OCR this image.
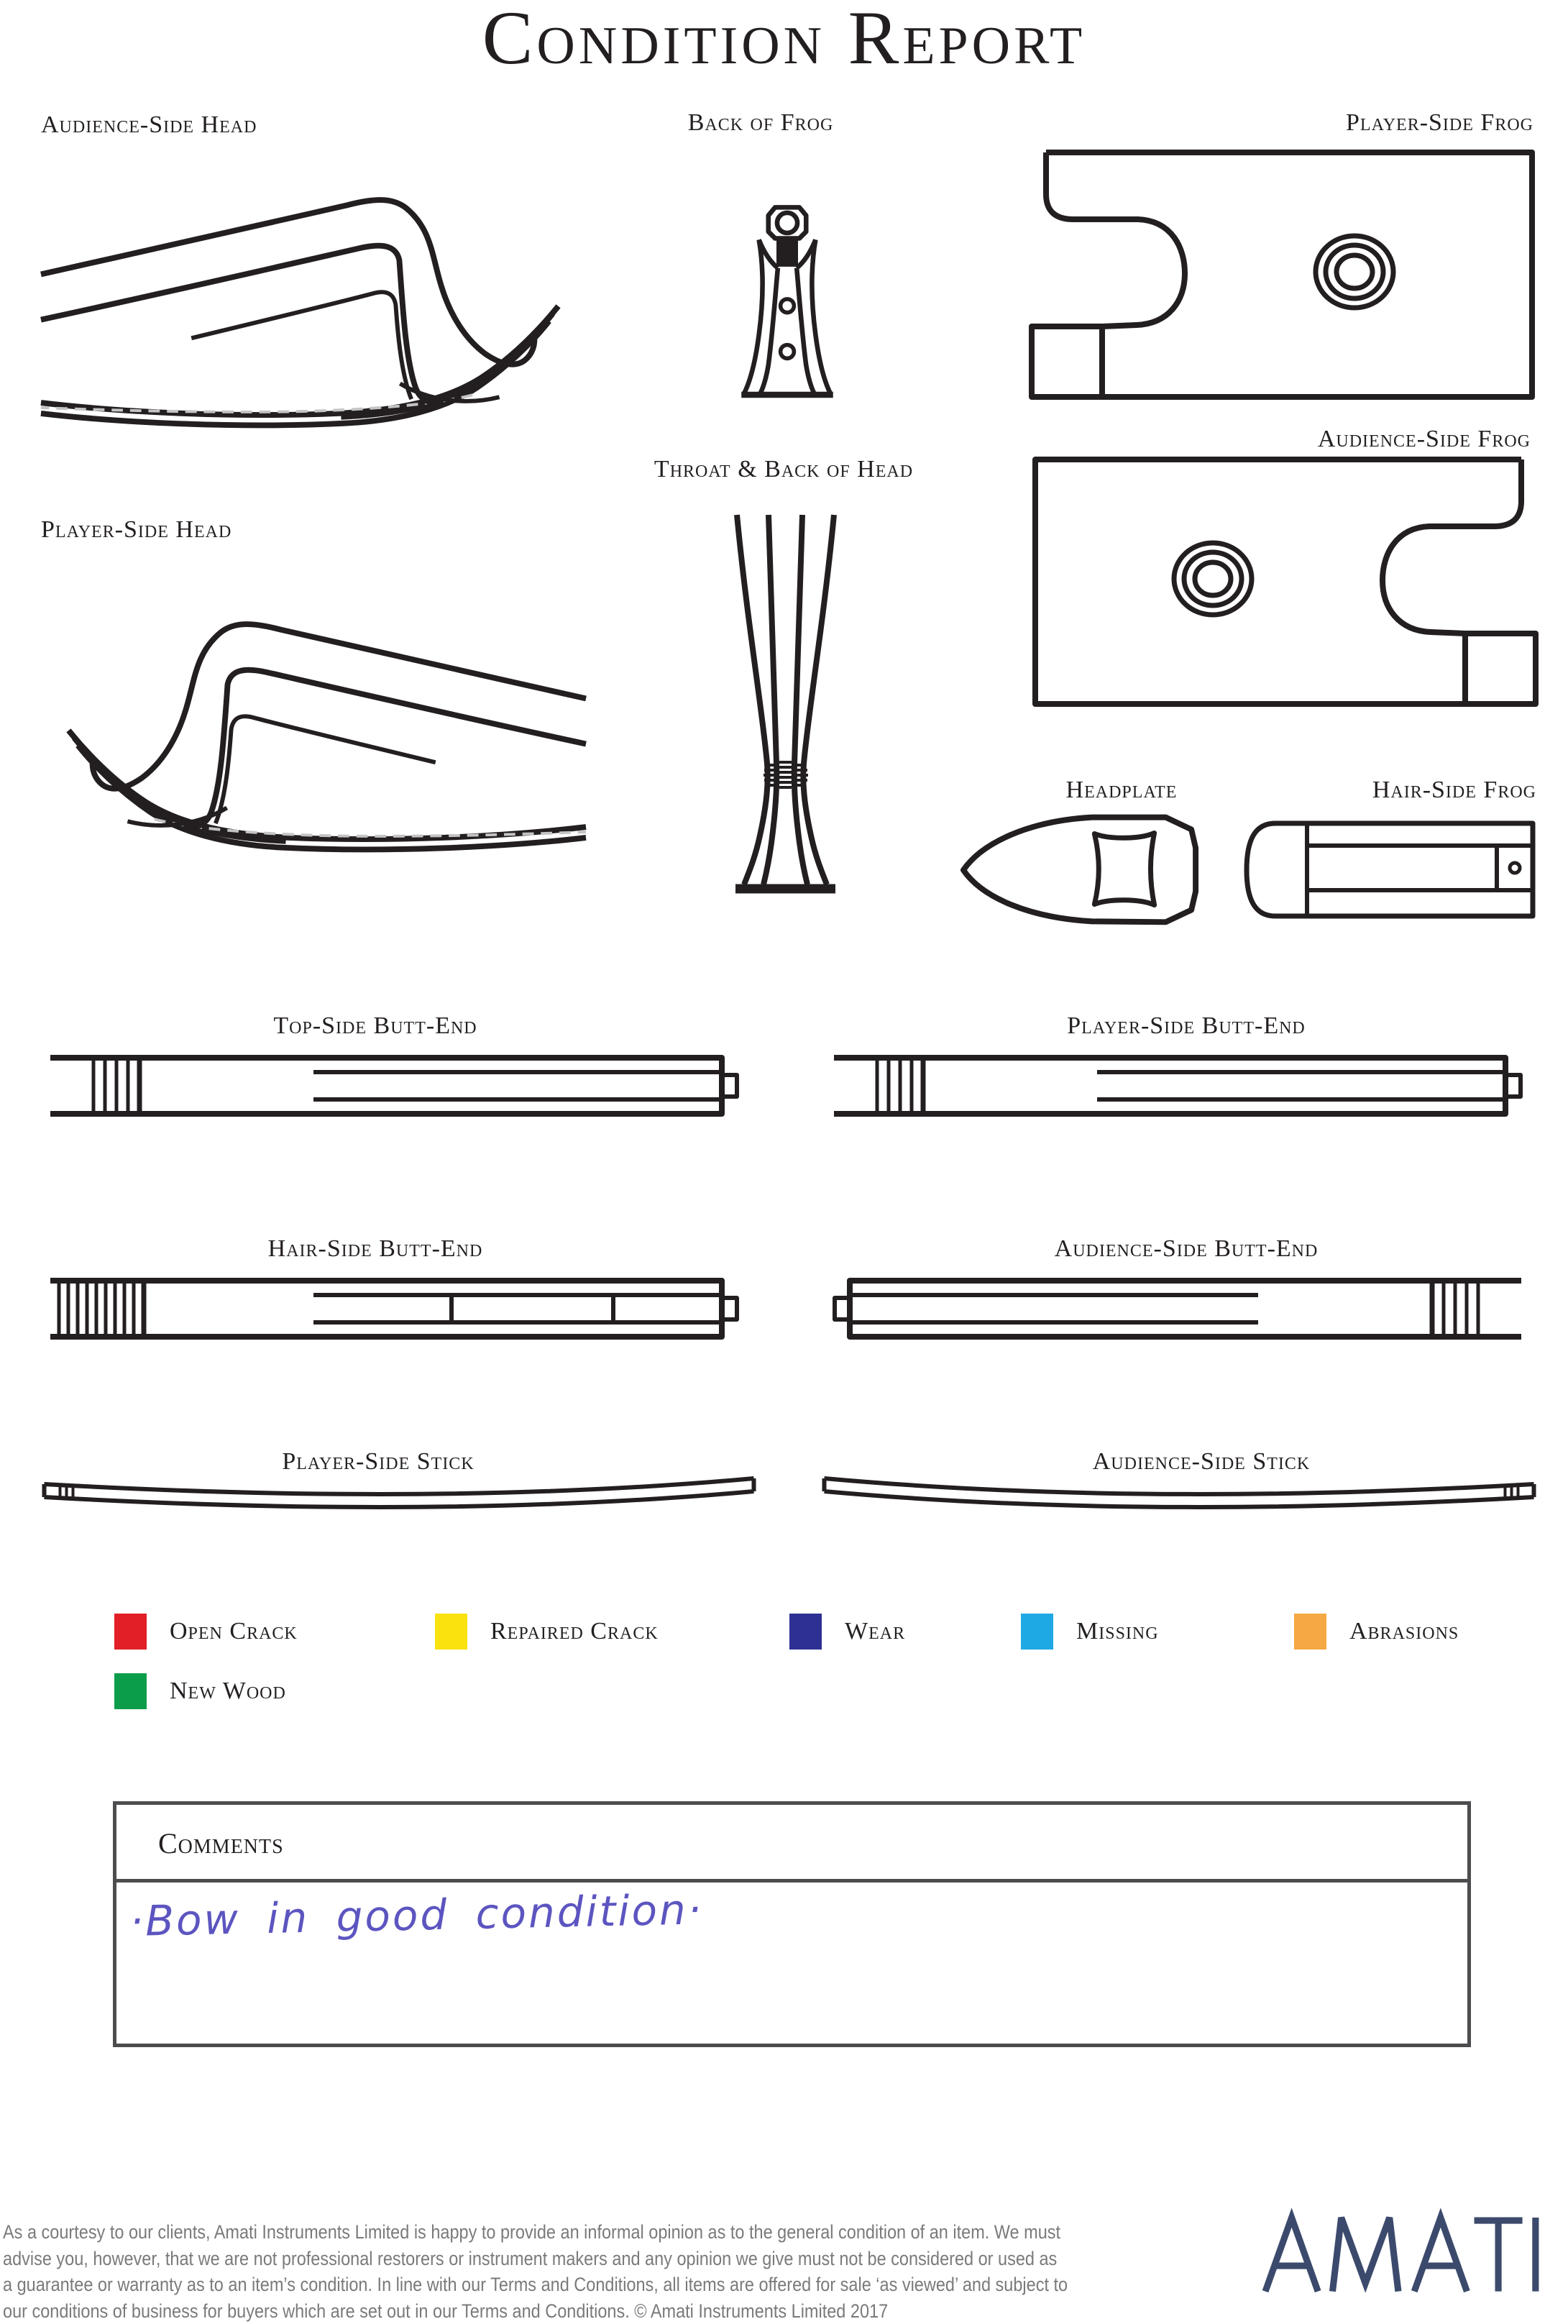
Condition Report
Audience-Side Head	Back of Frog	Player-Side Frog
Audience-Side Frog
Player-Side Head
Throat & Back of Head
Headplate	Hair-Side Frog
Top-Side Butt-End	Player-Side Butt-End
Hair-Side Butt-End	Audience-Side Butt-End
Player-Side Stick	Audience-Side Stick
Open Crack	Repaired Crack	Wear	Missing	Abrasions
New Wood
Comments
·Bow in good condition·
As a courtesy to our clients, Amati Instruments Limited is happy to provide an informal opinion as to the general condition of an item. We must
advise you, however, that we are not professional restorers or instrument makers and any opinion we give must not be considered or used as
a guarantee or warranty as to an item’s condition. In line with our Terms and Conditions, all items are offered for sale ‘as viewed’ and subject to
our conditions of business for buyers which are set out in our Terms and Conditions. © Amati Instruments Limited 2017
